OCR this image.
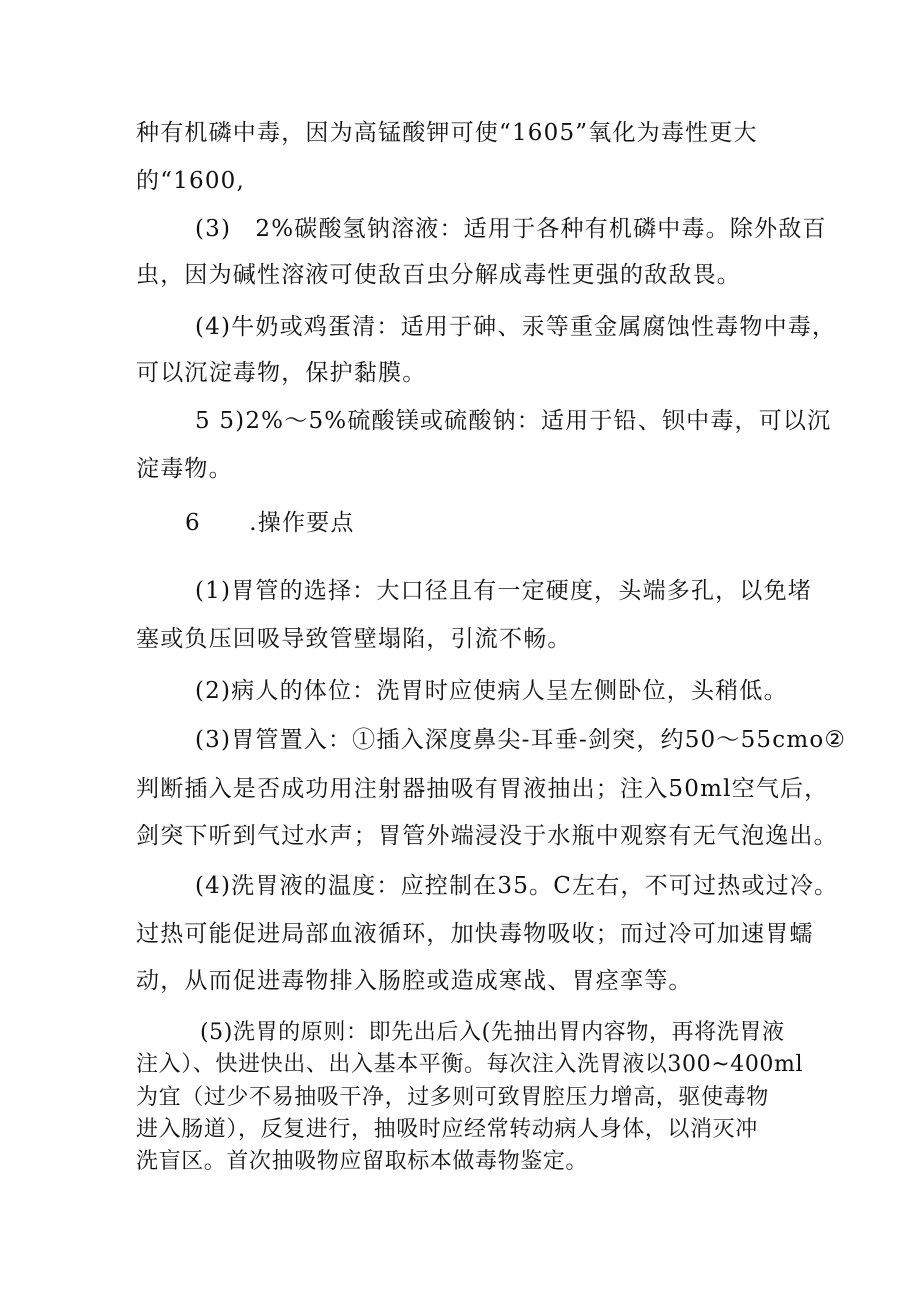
种有机磷中毒，因为高锰酸钾可使“1605”氧化为毒性更大
的“1600,
(3)　2%碳酸氢钠溶液：适用于各种有机磷中毒。除外敌百
虫，因为碱性溶液可使敌百虫分解成毒性更强的敌敌畏。
(4)牛奶或鸡蛋清：适用于砷、汞等重金属腐蚀性毒物中毒，
可以沉淀毒物，保护黏膜。
5 5)2%～5%硫酸镁或硫酸钠：适用于铅、钡中毒，可以沉
淀毒物。
6　　.操作要点
(1)胃管的选择：大口径且有一定硬度，头端多孔，以免堵
塞或负压回吸导致管壁塌陷，引流不畅。
(2)病人的体位：洗胃时应使病人呈左侧卧位，头稍低。
(3)胃管置入：①插入深度鼻尖-耳垂-剑突，约50～55cmo②
判断插入是否成功用注射器抽吸有胃液抽出；注入50ml空气后，
剑突下听到气过水声；胃管外端浸没于水瓶中观察有无气泡逸出。
(4)洗胃液的温度：应控制在35。C左右，不可过热或过冷。
过热可能促进局部血液循环，加快毒物吸收；而过冷可加速胃蠕
动，从而促进毒物排入肠腔或造成寒战、胃痉挛等。
(5)洗胃的原则：即先出后入(先抽出胃内容物，再将洗胃液
注入）、快进快出、出入基本平衡。每次注入洗胃液以300~400ml
为宜（过少不易抽吸干净，过多则可致胃腔压力增高，驱使毒物
进入肠道），反复进行，抽吸时应经常转动病人身体，以消灭冲
洗盲区。首次抽吸物应留取标本做毒物鉴定。
